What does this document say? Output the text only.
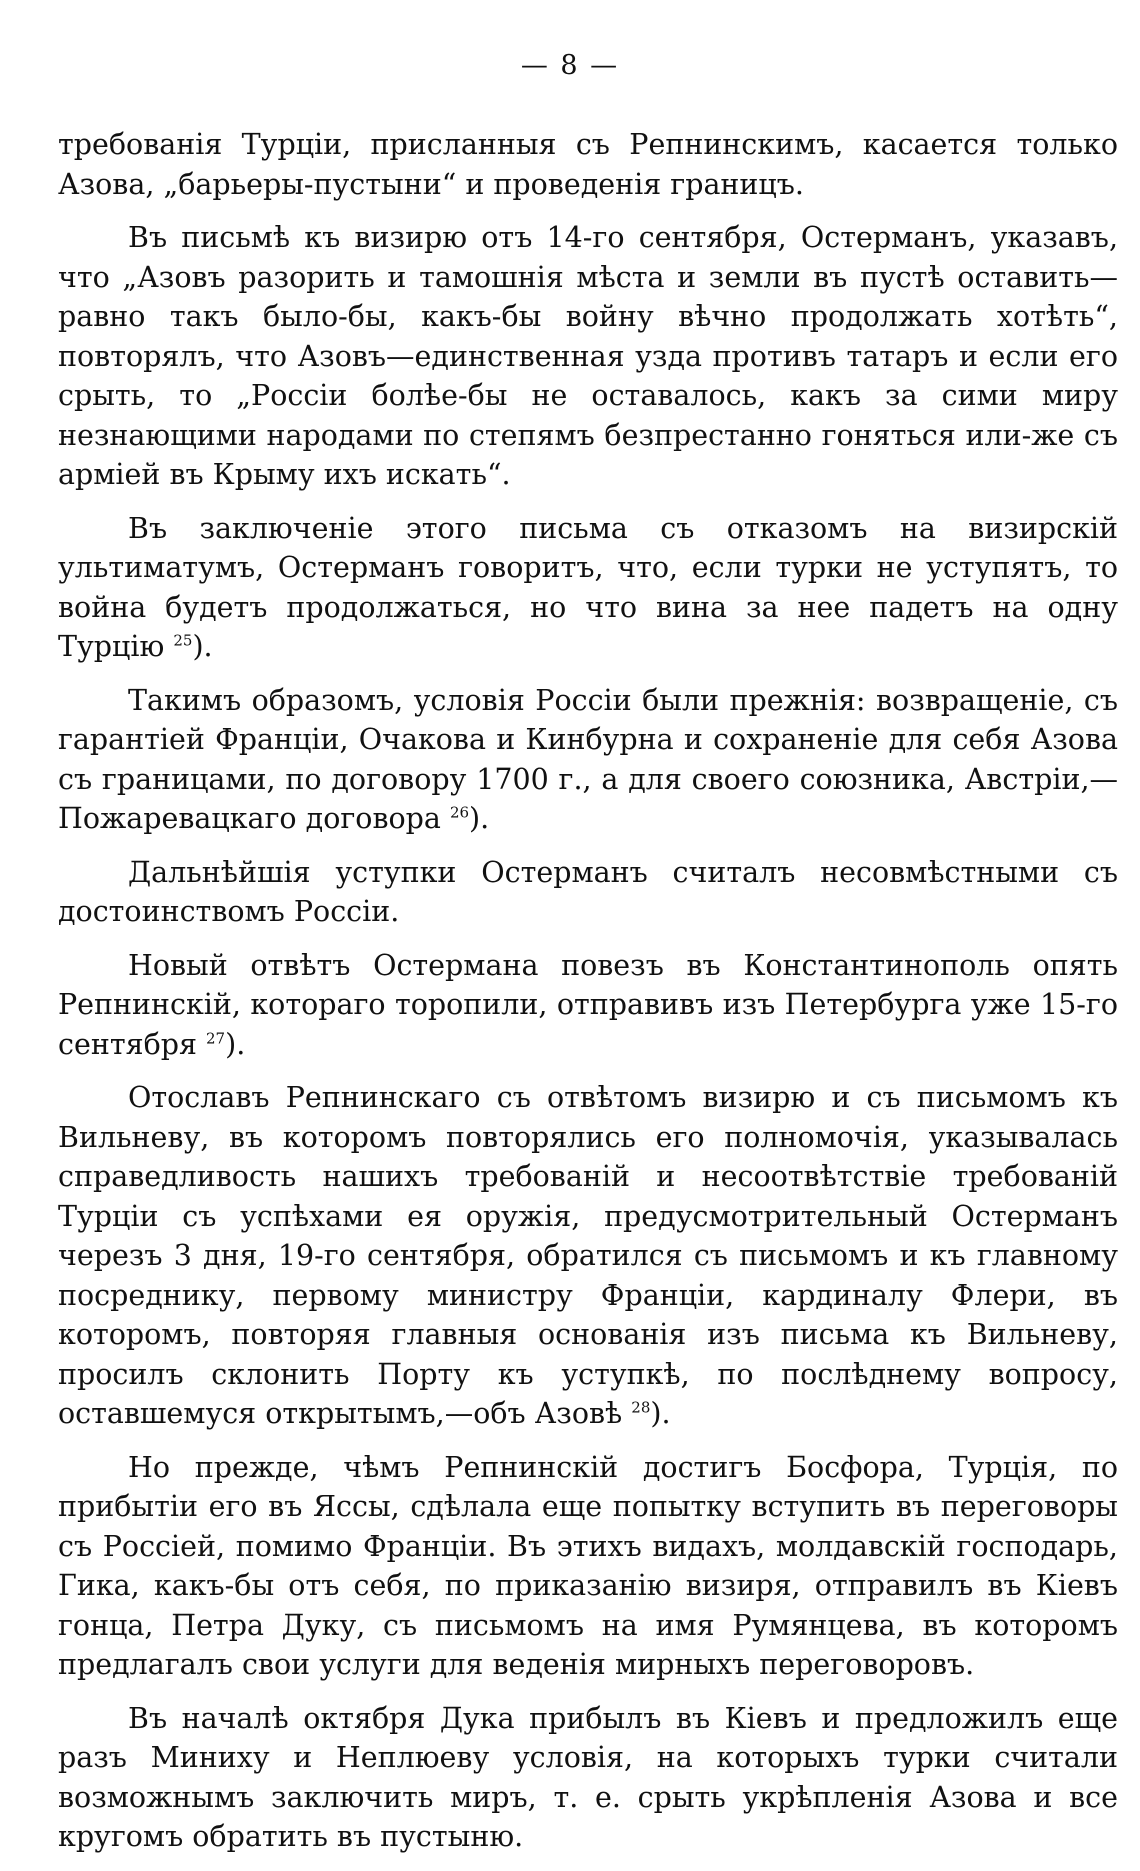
— 8 —

требованія Турціи, присланныя съ Репнинскимъ, касается только Азова, „барьеры-пустыни“ и проведенія границъ.

Въ письмѣ къ визирю отъ 14-го сентября, Остерманъ, указавъ, что „Азовъ разорить и тамошнія мѣста и земли въ пустѣ оставить— равно такъ было-бы, какъ-бы войну вѣчно продолжать хотѣть“, повторялъ, что Азовъ—единственная узда противъ татаръ и если его срыть, то „Россіи болѣе-бы не оставалось, какъ за сими миру незнающими народами по степямъ безпрестанно гоняться или-же съ арміей въ Крыму ихъ искать“.

Въ заключеніе этого письма съ отказомъ на визирскій ультиматумъ, Остерманъ говоритъ, что, если турки не уступятъ, то война будетъ продолжаться, но что вина за нее падетъ на одну Турцію $^{25}$).

Такимъ образомъ, условія Россіи были прежнія: возвращеніе, съ гарантіей Франціи, Очакова и Кинбурна и сохраненіе для себя Азова съ границами, по договору 1700 г., а для своего союзника, Австріи,— Пожаревацкаго договора $^{26}$).

Дальнѣйшія уступки Остерманъ считалъ несовмѣстными съ достоинствомъ Россіи.

Новый отвѣтъ Остермана повезъ въ Константинополь опять Репнинскій, котораго торопили, отправивъ изъ Петербурга уже 15-го сентября $^{27}$).

Отославъ Репнинскаго съ отвѣтомъ визирю и съ письмомъ къ Вильневу, въ которомъ повторялись его полномочія, указывалась справедливость нашихъ требованій и несоотвѣтствіе требованій Турціи съ успѣхами ея оружія, предусмотрительный Остерманъ черезъ 3 дня, 19-го сентября, обратился съ письмомъ и къ главному посреднику, первому министру Франціи, кардиналу Флери, въ которомъ, повторяя главныя основанія изъ письма къ Вильневу, просилъ склонить Порту къ уступкѣ, по послѣднему вопросу, оставшемуся открытымъ,—объ Азовѣ $^{28}$).

Но прежде, чѣмъ Репнинскій достигъ Босфора, Турція, по прибытіи его въ Яссы, сдѣлала еще попытку вступить въ переговоры съ Россіей, помимо Франціи. Въ этихъ видахъ, молдавскій господарь, Гика, какъ-бы отъ себя, по приказанію визиря, отправилъ въ Кіевъ гонца, Петра Дуку, съ письмомъ на имя Румянцева, въ которомъ предлагалъ свои услуги для веденія мирныхъ переговоровъ.

Въ началѣ октября Дука прибылъ въ Кіевъ и предложилъ еще разъ Миниху и Неплюеву условія, на которыхъ турки считали возможнымъ заключить миръ, т. е. срыть укрѣпленія Азова и все кругомъ обратить въ пустыню.
